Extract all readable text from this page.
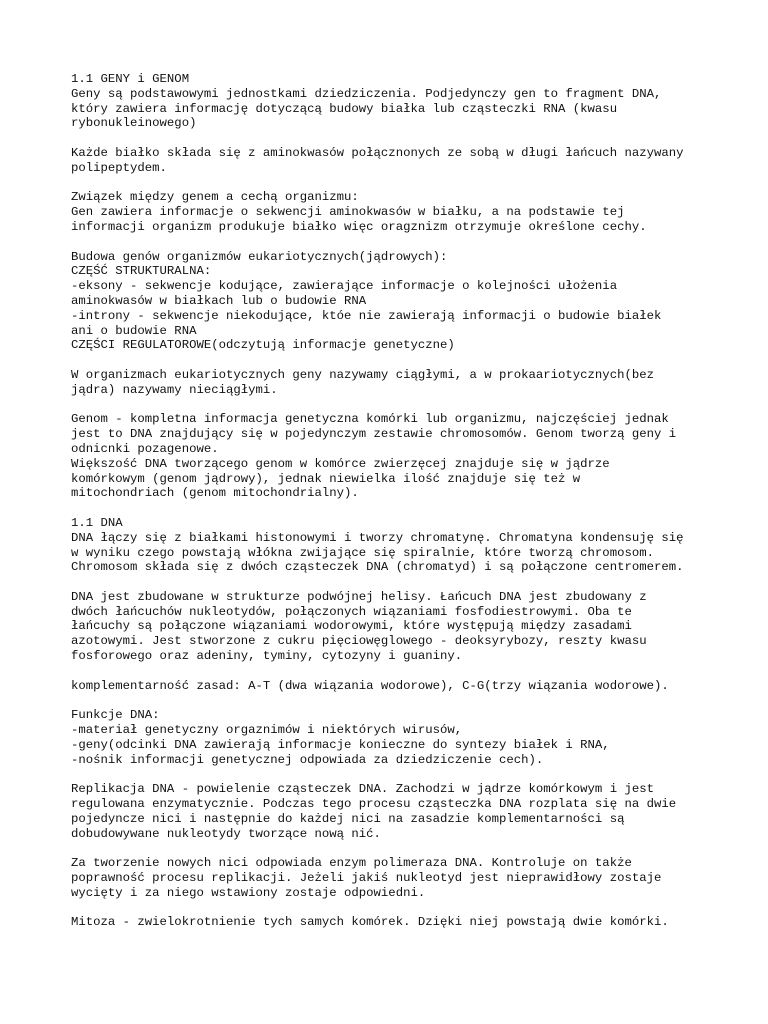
1.1 GENY i GENOM
Geny są podstawowymi jednostkami dziedziczenia. Podjedynczy gen to fragment DNA,
który zawiera informację dotyczącą budowy białka lub cząsteczki RNA (kwasu
rybonukleinowego)
Każde białko składa się z aminokwasów połącznonych ze sobą w długi łańcuch nazywany
polipeptydem.
Związek między genem a cechą organizmu:
Gen zawiera informacje o sekwencji aminokwasów w białku, a na podstawie tej
informacji organizm produkuje białko więc oragznizm otrzymuje określone cechy.
Budowa genów organizmów eukariotycznych(jądrowych):
CZĘŚĆ STRUKTURALNA:
-eksony - sekwencje kodujące, zawierające informacje o kolejności ułożenia
aminokwasów w białkach lub o budowie RNA
-introny - sekwencje niekodujące, któe nie zawierają informacji o budowie białek
ani o budowie RNA
CZĘŚCI REGULATOROWE(odczytują informacje genetyczne)
W organizmach eukariotycznych geny nazywamy ciągłymi, a w prokaariotycznych(bez
jądra) nazywamy nieciągłymi.
Genom - kompletna informacja genetyczna komórki lub organizmu, najczęściej jednak
jest to DNA znajdujący się w pojedynczym zestawie chromosomów. Genom tworzą geny i
odnicnki pozagenowe.
Większość DNA tworzącego genom w komórce zwierzęcej znajduje się w jądrze
komórkowym (genom jądrowy), jednak niewielka ilość znajduje się też w
mitochondriach (genom mitochondrialny).
1.1 DNA
DNA łączy się z białkami histonowymi i tworzy chromatynę. Chromatyna kondensuję się
w wyniku czego powstają włókna zwijające się spiralnie, które tworzą chromosom.
Chromosom składa się z dwóch cząsteczek DNA (chromatyd) i są połączone centromerem.
DNA jest zbudowane w strukturze podwójnej helisy. Łańcuch DNA jest zbudowany z
dwóch łańcuchów nukleotydów, połączonych wiązaniami fosfodiestrowymi. Oba te
łańcuchy są połączone wiązaniami wodorowymi, które występują między zasadami
azotowymi. Jest stworzone z cukru pięciowęglowego - deoksyrybozy, reszty kwasu
fosforowego oraz adeniny, tyminy, cytozyny i guaniny.
komplementarność zasad: A-T (dwa wiązania wodorowe), C-G(trzy wiązania wodorowe).
Funkcje DNA:
-materiał genetyczny orgaznimów i niektórych wirusów,
-geny(odcinki DNA zawierają informacje konieczne do syntezy białek i RNA,
-nośnik informacji genetycznej odpowiada za dziedziczenie cech).
Replikacja DNA - powielenie cząsteczek DNA. Zachodzi w jądrze komórkowym i jest
regulowana enzymatycznie. Podczas tego procesu cząsteczka DNA rozplata się na dwie
pojedyncze nici i następnie do każdej nici na zasadzie komplementarności są
dobudowywane nukleotydy tworzące nową nić.
Za tworzenie nowych nici odpowiada enzym polimeraza DNA. Kontroluje on także
poprawność procesu replikacji. Jeżeli jakiś nukleotyd jest nieprawidłowy zostaje
wycięty i za niego wstawiony zostaje odpowiedni.
Mitoza - zwielokrotnienie tych samych komórek. Dzięki niej powstają dwie komórki.
